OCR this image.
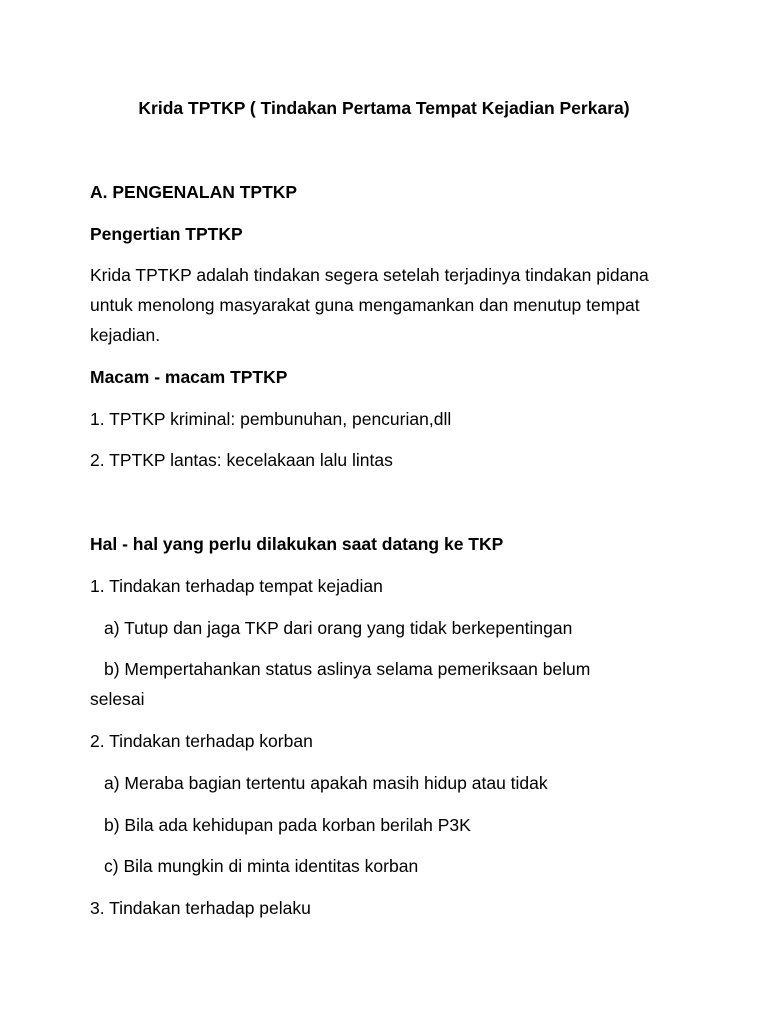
Krida TPTKP ( Tindakan Pertama Tempat Kejadian Perkara)
A. PENGENALAN TPTKP
Pengertian TPTKP
Krida TPTKP adalah tindakan segera setelah terjadinya tindakan pidana
untuk menolong masyarakat guna mengamankan dan menutup tempat
kejadian.
Macam - macam TPTKP
1. TPTKP kriminal: pembunuhan, pencurian,dll
2. TPTKP lantas: kecelakaan lalu lintas
Hal - hal yang perlu dilakukan saat datang ke TKP
1. Tindakan terhadap tempat kejadian
a) Tutup dan jaga TKP dari orang yang tidak berkepentingan
b) Mempertahankan status aslinya selama pemeriksaan belum
selesai
2. Tindakan terhadap korban
a) Meraba bagian tertentu apakah masih hidup atau tidak
b) Bila ada kehidupan pada korban berilah P3K
c) Bila mungkin di minta identitas korban
3. Tindakan terhadap pelaku
